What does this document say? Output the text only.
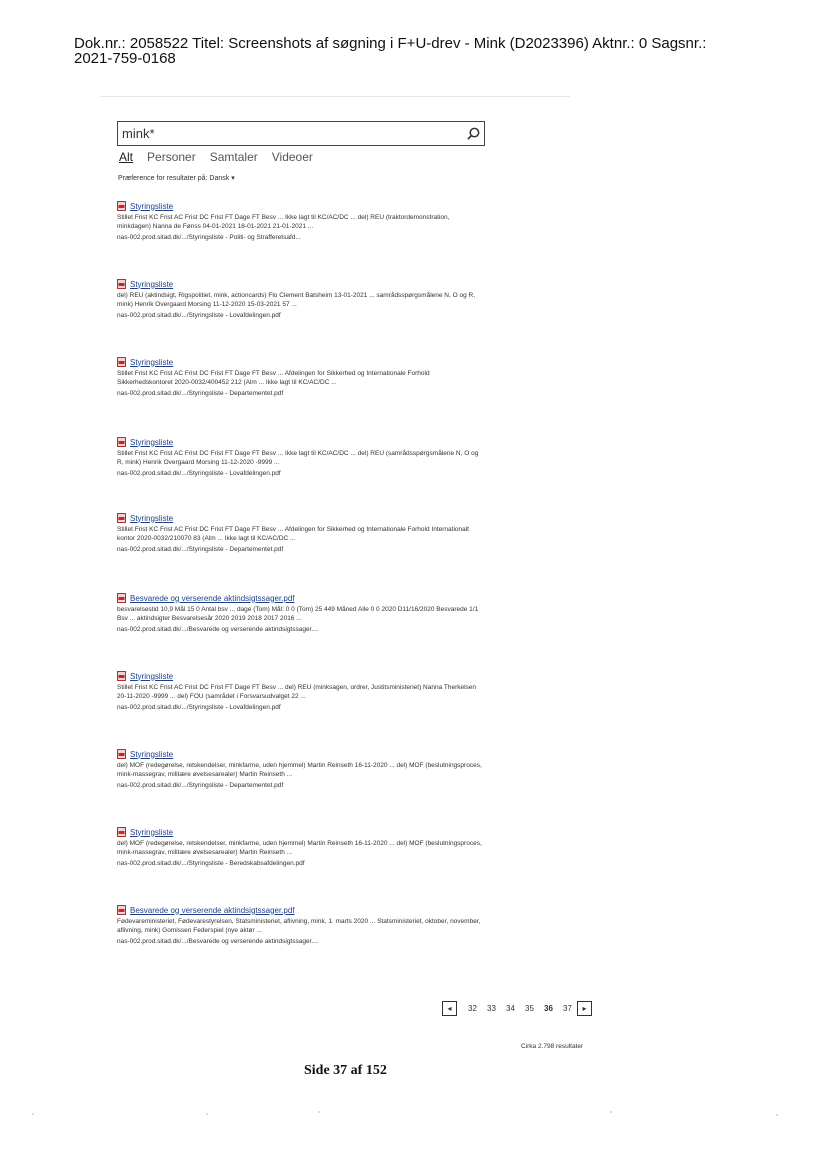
Dok.nr.: 2058522 Titel: Screenshots af søgning i F+U-drev - Mink (D2023396) Aktnr.: 0 Sagsnr.:
2021-759-0168
mink*
Alt Personer Samtaler Videoer
Præference for resultater på: Dansk ▾
Styringsliste
Stillet Frist KC Frist AC Frist DC Frist FT Dage FT Besv ... Ikke lagt til KC/AC/DC ... del) REU (traktordemonstration, minkdagen) Nanna de Fønss 04-01-2021 18-01-2021 21-01-2021 ...
nas-002.prod.sitad.dk/.../Styringsliste - Politi- og Strafferetsafd...
Styringsliste
del) REU (aktindsigt, Rigspolitiet, mink, actioncards) Flo Clement Batsheim 13-01-2021 ... samrådsspørgsmålene N, O og R, mink) Henrik Overgaard Morsing 11-12-2020 15-03-2021 57 ...
nas-002.prod.sitad.dk/.../Styringsliste - Lovafdelingen.pdf
Styringsliste
Stillet Frist KC Frist AC Frist DC Frist FT Dage FT Besv ... Afdelingen for Sikkerhed og Internationale Forhold Sikkerhedskontoret 2020-0032/400452 212 (Alm ... Ikke lagt til KC/AC/DC ...
nas-002.prod.sitad.dk/.../Styringsliste - Departementet.pdf
Styringsliste
Stillet Frist KC Frist AC Frist DC Frist FT Dage FT Besv ... Ikke lagt til KC/AC/DC ... del) REU (samrådsspørgsmålene N, O og R, mink) Henrik Overgaard Morsing 11-12-2020 -9999 ...
nas-002.prod.sitad.dk/.../Styringsliste - Lovafdelingen.pdf
Styringsliste
Stillet Frist KC Frist AC Frist DC Frist FT Dage FT Besv ... Afdelingen for Sikkerhed og Internationale Forhold Internationalt kontor 2020-0032/210070 83 (Alm ... Ikke lagt til KC/AC/DC ...
nas-002.prod.sitad.dk/.../Styringsliste - Departementet.pdf
Besvarede og verserende aktindsigtssager.pdf
besvarelsestid 10,9 Mål 15 0 Antal bsv ... dage (Tom) Mål: 0 0 (Tom) 25 449 Måned Alle 0 0 2020 D11/16/2020 Besvarede 1/1 Bsv ... aktindsigter Besvarelsesår 2020 2019 2018 2017 2016 ...
nas-002.prod.sitad.dk/.../Besvarede og verserende aktindsigtssager....
Styringsliste
Stillet Frist KC Frist AC Frist DC Frist FT Dage FT Besv ... del) REU (minksagen, ordrer, Justitsministeriet) Nanna Therkelsen 20-11-2020 -9999 ... del) FOU (samrådet i Forsvarsudvalget 22 ...
nas-002.prod.sitad.dk/.../Styringsliste - Lovafdelingen.pdf
Styringsliste
del) MOF (redegørelse, retskendelser, minkfarme, uden hjemmel) Martin Reinseth 16-11-2020 ... del) MOF (beslutningsproces, mink-massegrav, militære øvelsesarealer) Martin Reinseth ...
nas-002.prod.sitad.dk/.../Styringsliste - Departementet.pdf
Styringsliste
del) MOF (redegørelse, retskendelser, minkfarme, uden hjemmel) Martin Reinseth 16-11-2020 ... del) MOF (beslutningsproces, mink-massegrav, militære øvelsesarealer) Martin Reinseth ...
nas-002.prod.sitad.dk/.../Styringsliste - Beredskabsafdelingen.pdf
Besvarede og verserende aktindsigtssager.pdf
Fødevareministeriet, Fødevarestyrelsen, Statsministeriet, aflivning, mink, 1. marts 2020 ... Statsministeriet, oktober, november, aflivning, mink) Gomissen Federspiel (nye aktør ...
nas-002.prod.sitad.dk/.../Besvarede og verserende aktindsigtssager....
◂	32	33	34	35	36	37	▸
Cirka 2.798 resultater
Side 37 af 152
